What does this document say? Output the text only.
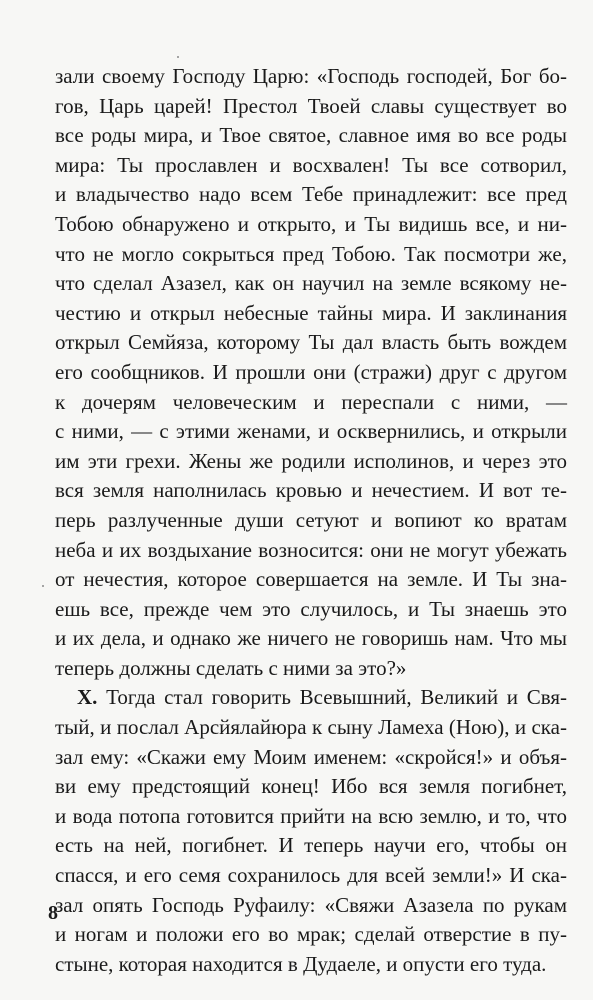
зали своему Господу Царю: «Господь господей, Бог бо-
гов, Царь царей! Престол Твоей славы существует во
все роды мира, и Твое святое, славное имя во все роды
мира: Ты прославлен и восхвален! Ты все сотворил,
и владычество надо всем Тебе принадлежит: все пред
Тобою обнаружено и открыто, и Ты видишь все, и ни-
что не могло сокрыться пред Тобою. Так посмотри же,
что сделал Азазел, как он научил на земле всякому не-
честию и открыл небесные тайны мира. И заклинания
открыл Семйяза, которому Ты дал власть быть вождем
его сообщников. И прошли они (стражи) друг с другом
к дочерям человеческим и переспали с ними, —
с ними, — с этими женами, и осквернились, и открыли
им эти грехи. Жены же родили исполинов, и через это
вся земля наполнилась кровью и нечестием. И вот те-
перь разлученные души сетуют и вопиют ко вратам
неба и их воздыхание возносится: они не могут убежать
от нечестия, которое совершается на земле. И Ты зна-
ешь все, прежде чем это случилось, и Ты знаешь это
и их дела, и однако же ничего не говоришь нам. Что мы
теперь должны сделать с ними за это?»
X. Тогда стал говорить Всевышний, Великий и Свя-
тый, и послал Арсйялайюра к сыну Ламеха (Ною), и ска-
зал ему: «Скажи ему Моим именем: «скройся!» и объя-
ви ему предстоящий конец! Ибо вся земля погибнет,
и вода потопа готовится прийти на всю землю, и то, что
есть на ней, погибнет. И теперь научи его, чтобы он
спасся, и его семя сохранилось для всей земли!» И ска-
зал опять Господь Руфаилу: «Свяжи Азазела по рукам
и ногам и положи его во мрак; сделай отверстие в пу-
стыне, которая находится в Дудаеле, и опусти его туда.
8
